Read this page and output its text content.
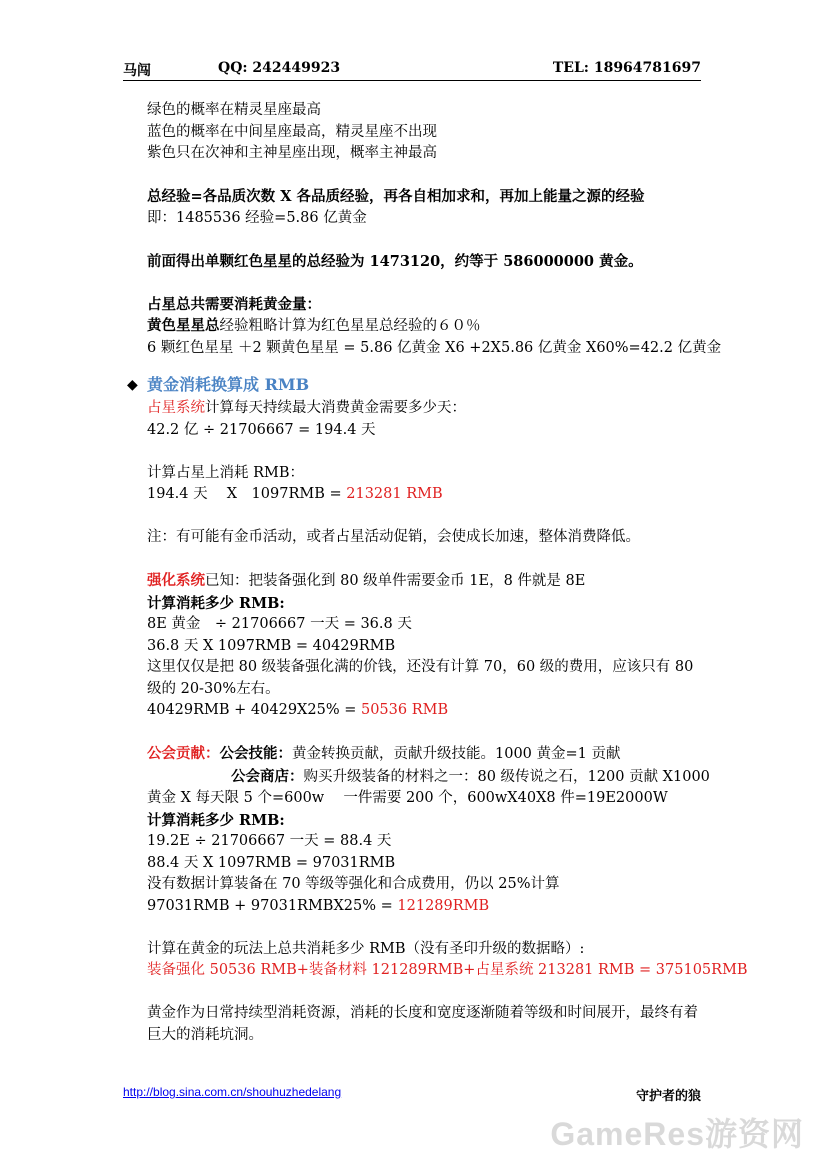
马闯	QQ: 242449923	TEL: 18964781697
绿色的概率在精灵星座最高
蓝色的概率在中间星座最高，精灵星座不出现
紫色只在次神和主神星座出现，概率主神最高
总经验=各品质次数 X 各品质经验，再各自相加求和，再加上能量之源的经验
即：1485536 经验=5.86 亿黄金
前面得出单颗红色星星的总经验为 1473120，约等于 586000000 黄金。
占星总共需要消耗黄金量：
黄色星星总经验粗略计算为红色星星总经验的６０％
6 颗红色星星 ＋2 颗黄色星星 = 5.86 亿黄金 X6 +2X5.86 亿黄金 X60%=42.2 亿黄金
◆ 黄金消耗换算成 RMB
占星系统计算每天持续最大消费黄金需要多少天：
42.2 亿 ÷ 21706667 = 194.4 天
计算占星上消耗 RMB：
194.4 天　 X　1097RMB = 213281 RMB
注：有可能有金币活动，或者占星活动促销，会使成长加速，整体消费降低。
强化系统已知：把装备强化到 80 级单件需要金币 1E，8 件就是 8E
计算消耗多少 RMB:
8E 黄金　÷ 21706667 一天 = 36.8 天
36.8 天 X 1097RMB = 40429RMB
这里仅仅是把 80 级装备强化满的价钱，还没有计算 70，60 级的费用，应该只有 80 级的 20-30%左右。
40429RMB + 40429X25% = 50536 RMB
公会贡献：公会技能：黄金转换贡献，贡献升级技能。1000 黄金=1 贡献
公会商店：购买升级装备的材料之一：80 级传说之石，1200 贡献 X1000
黄金 X 每天限 5 个=600w　 一件需要 200 个，600wX40X8 件=19E2000W
计算消耗多少 RMB:
19.2E ÷ 21706667 一天 = 88.4 天
88.4 天 X 1097RMB = 97031RMB
没有数据计算装备在 70 等级等强化和合成费用，仍以 25%计算
97031RMB + 97031RMBX25% = 121289RMB
计算在黄金的玩法上总共消耗多少 RMB（没有圣印升级的数据略）:
装备强化 50536 RMB+装备材料 121289RMB+占星系统 213281 RMB = 375105RMB
黄金作为日常持续型消耗资源，消耗的长度和宽度逐渐随着等级和时间展开，最终有着巨大的消耗坑洞。
http://blog.sina.com.cn/shouhuzhedelang	守护者的狼
GameRes游资网
